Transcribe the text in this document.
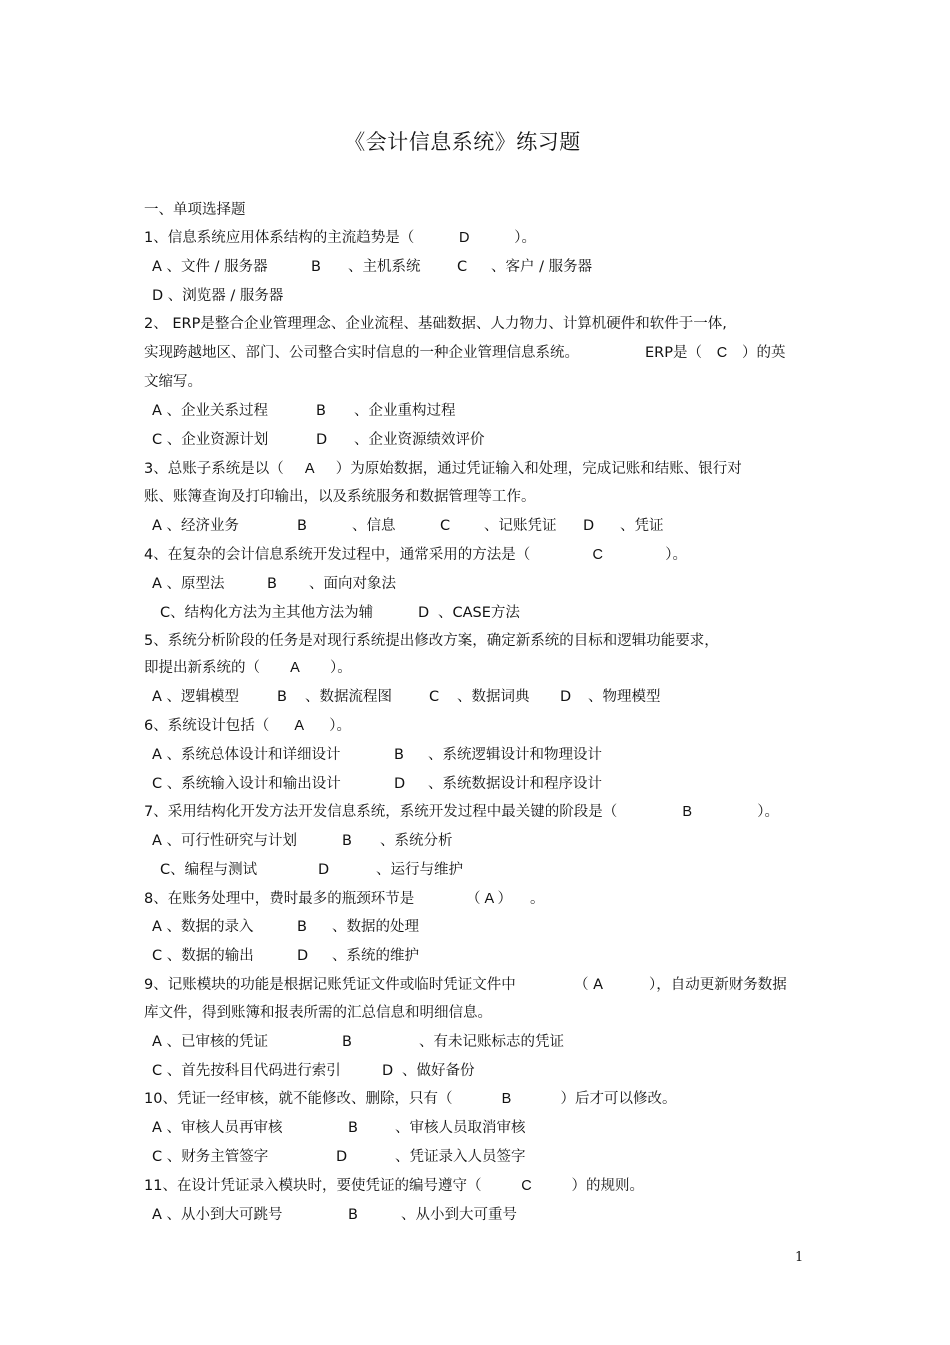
《会计信息系统》练习题
一、单项选择题
1、信息系统应用体系结构的主流趋势是（	D	）。
A 、文件 / 服务器	B 、主机系统	C 、客户 / 服务器
D 、浏览器 / 服务器
2、 ERP是整合企业管理理念、企业流程、基础数据、人力物力、计算机硬件和软件于一体,
实现跨越地区、部门、公司整合实时信息的一种企业管理信息系统。	ERP是（ C ）的英
文缩写。
A 、企业关系过程	B 、企业重构过程
C 、企业资源计划	D 、企业资源绩效评价
3、总账子系统是以（ A ）为原始数据，通过凭证输入和处理，完成记账和结账、银行对
账、账簿查询及打印输出，以及系统服务和数据管理等工作。
A 、经济业务	B	、信息	C 、记账凭证 D 、凭证
4、在复杂的会计信息系统开发过程中，通常采用的方法是（	C	）。
A 、原型法	B 、面向对象法
C、结构化方法为主其他方法为辅	D 、CASE方法
5、系统分析阶段的任务是对现行系统提出修改方案，确定新系统的目标和逻辑功能要求，
即提出新系统的（ A ）。
A 、逻辑模型	B 、数据流程图	C 、数据词典 D 、物理模型
6、系统设计包括（ A ）。
A 、系统总体设计和详细设计	B 、系统逻辑设计和物理设计
C 、系统输入设计和输出设计	D 、系统数据设计和程序设计
7、采用结构化开发方法开发信息系统，系统开发过程中最关键的阶段是（	B	）。
A 、可行性研究与计划	B 、系统分析
C、编程与测试	D	、运行与维护
8、在账务处理中，费时最多的瓶颈环节是	（ A ） 。
A 、数据的录入	B 、数据的处理
C 、数据的输出	D 、系统的维护
9、记账模块的功能是根据记账凭证文件或临时凭证文件中	（ A	），自动更新财务数据
库文件，得到账簿和报表所需的汇总信息和明细信息。
A 、已审核的凭证	B	、有未记账标志的凭证
C 、首先按科目代码进行索引	D 、做好备份
10、凭证一经审核，就不能修改、删除，只有（	B	）后才可以修改。
A 、审核人员再审核	B	、审核人员取消审核
C 、财务主管签字	D	、凭证录入人员签字
11、在设计凭证录入模块时，要使凭证的编号遵守（	C	）的规则。
A 、从小到大可跳号	B	、从小到大可重号
1
